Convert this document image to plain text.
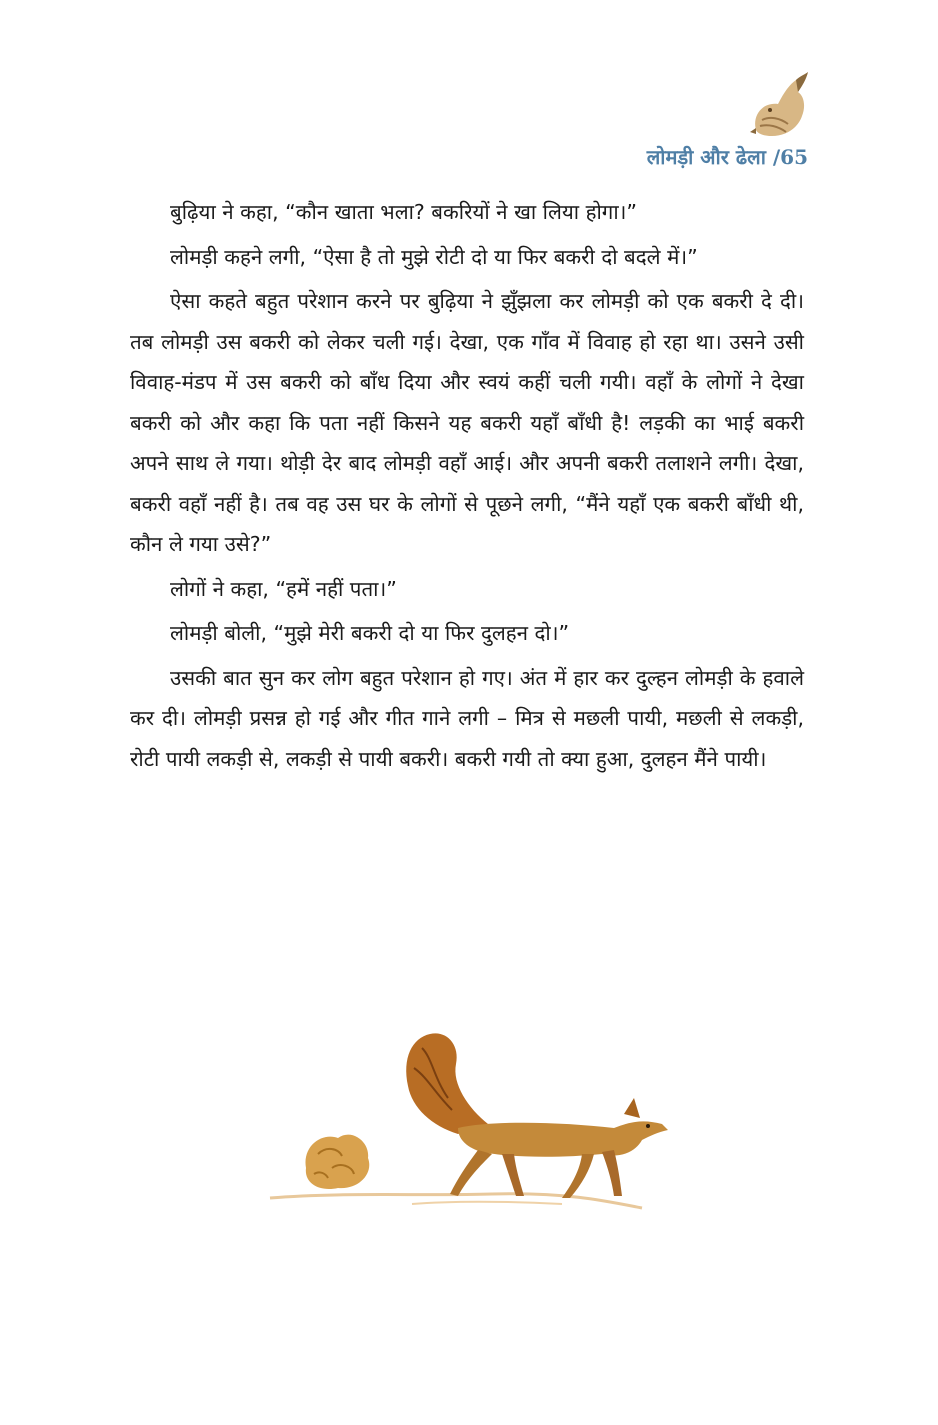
लोमड़ी और ढेला /65

बुढ़िया ने कहा, “कौन खाता भला? बकरियों ने खा लिया होगा।”

लोमड़ी कहने लगी, “ऐसा है तो मुझे रोटी दो या फिर बकरी दो बदले में।”

ऐसा कहते बहुत परेशान करने पर बुढ़िया ने झुँझला कर लोमड़ी को एक बकरी दे दी। तब लोमड़ी उस बकरी को लेकर चली गई। देखा, एक गाँव में विवाह हो रहा था। उसने उसी विवाह-मंडप में उस बकरी को बाँध दिया और स्वयं कहीं चली गयी। वहाँ के लोगों ने देखा बकरी को और कहा कि पता नहीं किसने यह बकरी यहाँ बाँधी है! लड़की का भाई बकरी अपने साथ ले गया। थोड़ी देर बाद लोमड़ी वहाँ आई। और अपनी बकरी तलाशने लगी। देखा, बकरी वहाँ नहीं है। तब वह उस घर के लोगों से पूछने लगी, “मैंने यहाँ एक बकरी बाँधी थी, कौन ले गया उसे?”

लोगों ने कहा, “हमें नहीं पता।”

लोमड़ी बोली, “मुझे मेरी बकरी दो या फिर दुलहन दो।”

उसकी बात सुन कर लोग बहुत परेशान हो गए। अंत में हार कर दुल्हन लोमड़ी के हवाले कर दी। लोमड़ी प्रसन्न हो गई और गीत गाने लगी – मित्र से मछली पायी, मछली से लकड़ी, रोटी पायी लकड़ी से, लकड़ी से पायी बकरी। बकरी गयी तो क्या हुआ, दुलहन मैंने पायी।
